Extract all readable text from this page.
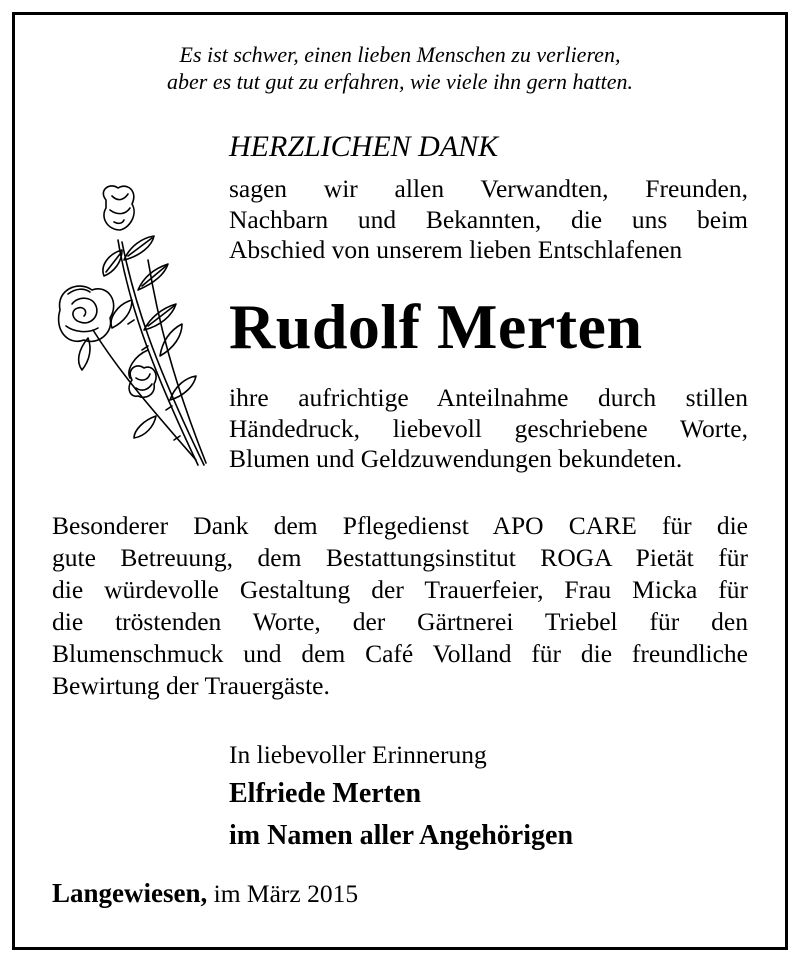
Es ist schwer, einen lieben Menschen zu verlieren,
aber es tut gut zu erfahren, wie viele ihn gern hatten.
HERZLICHEN DANK
sagen wir allen Verwandten, Freunden,
Nachbarn und Bekannten, die uns beim
Abschied von unserem lieben Entschlafenen
Rudolf Merten
ihre aufrichtige Anteilnahme durch stillen
Händedruck, liebevoll geschriebene Worte,
Blumen und Geldzuwendungen bekundeten.
Besonderer Dank dem Pflegedienst APO CARE für die
gute Betreuung, dem Bestattungsinstitut ROGA Pietät für
die würdevolle Gestaltung der Trauerfeier, Frau Micka für
die tröstenden Worte, der Gärtnerei Triebel für den
Blumenschmuck und dem Café Volland für die freundliche
Bewirtung der Trauergäste.
In liebevoller Erinnerung
Elfriede Merten
im Namen aller Angehörigen
Langewiesen, im März 2015
